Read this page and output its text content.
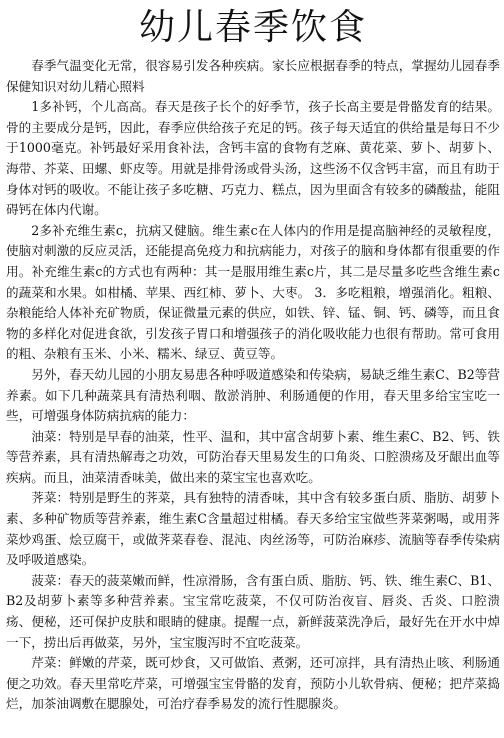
幼儿春季饮食

春季气温变化无常，很容易引发各种疾病。家长应根据春季的特点，掌握幼儿园春季保健知识对幼儿精心照料

1多补钙，个儿高高。春天是孩子长个的好季节，孩子长高主要是骨骼发育的结果。骨的主要成分是钙，因此，春季应供给孩子充足的钙。孩子每天适宜的供给量是每日不少于1000毫克。补钙最好采用食补法，含钙丰富的食物有芝麻、黄花菜、萝卜、胡萝卜、海带、芥菜、田螺、虾皮等。用就是排骨汤或骨头汤，这些汤不仅含钙丰富，而且有助于身体对钙的吸收。不能让孩子多吃糖、巧克力、糕点，因为里面含有较多的磷酸盐，能阻碍钙在体内代谢。

2多补充维生素c，抗病又健脑。维生素c在人体内的作用是提高脑神经的灵敏程度，使脑对刺激的反应灵活，还能提高免疫力和抗病能力，对孩子的脑和身体都有很重要的作用。补充维生素c的方式也有两种：其一是服用维生素c片，其二是尽量多吃些含维生素c的蔬菜和水果。如柑橘、苹果、西红柿、萝卜、大枣。 3．多吃粗粮，增强消化。粗粮、杂粮能给人体补充矿物质，保证微量元素的供应，如铁、锌、锰、铜、钙、磷等，而且食物的多样化对促进食欲，引发孩子胃口和增强孩子的消化吸收能力也很有帮助。常可食用的粗、杂粮有玉米、小米、糯米、绿豆、黄豆等。

另外，春天幼儿园的小朋友易患各种呼吸道感染和传染病，易缺乏维生素C、B2等营养素。如下几种蔬菜具有清热利咽、散淤消肿、利肠通便的作用，春天里多给宝宝吃一些，可增强身体防病抗病的能力：

油菜：特别是早春的油菜，性平、温和，其中富含胡萝卜素、维生素C、B2、钙、铁等营养素，具有清热解毒之功效，可防治春天里易发生的口角炎、口腔溃疡及牙龈出血等疾病。而且，油菜清香味美，做出来的菜宝宝也喜欢吃。

荠菜：特别是野生的荠菜，具有独特的清香味，其中含有较多蛋白质、脂肪、胡萝卜素、多种矿物质等营养素，维生素C含量超过柑橘。春天多给宝宝做些荠菜粥喝，或用荠菜炒鸡蛋、烩豆腐干，或做荠菜春卷、混沌、肉丝汤等，可防治麻疹、流脑等春季传染病及呼吸道感染。

菠菜：春天的菠菜嫩而鲜，性凉滑肠，含有蛋白质、脂肪、钙、铁、维生素C、B1、B2及胡萝卜素等多种营养素。宝宝常吃菠菜，不仅可防治夜盲、唇炎、舌炎、口腔溃疡、便秘，还可保护皮肤和眼睛的健康。提醒一点，新鲜菠菜洗净后，最好先在开水中焯一下，捞出后再做菜，另外，宝宝腹泻时不宜吃菠菜。

芹菜：鲜嫩的芹菜，既可炒食，又可做馅、煮粥，还可凉拌，具有清热止咳、利肠通便之功效。春天里常吃芹菜，可增强宝宝骨骼的发育，预防小儿软骨病、便秘；把芹菜捣烂，加茶油调敷在腮腺处，可治疗春季易发的流行性腮腺炎。
